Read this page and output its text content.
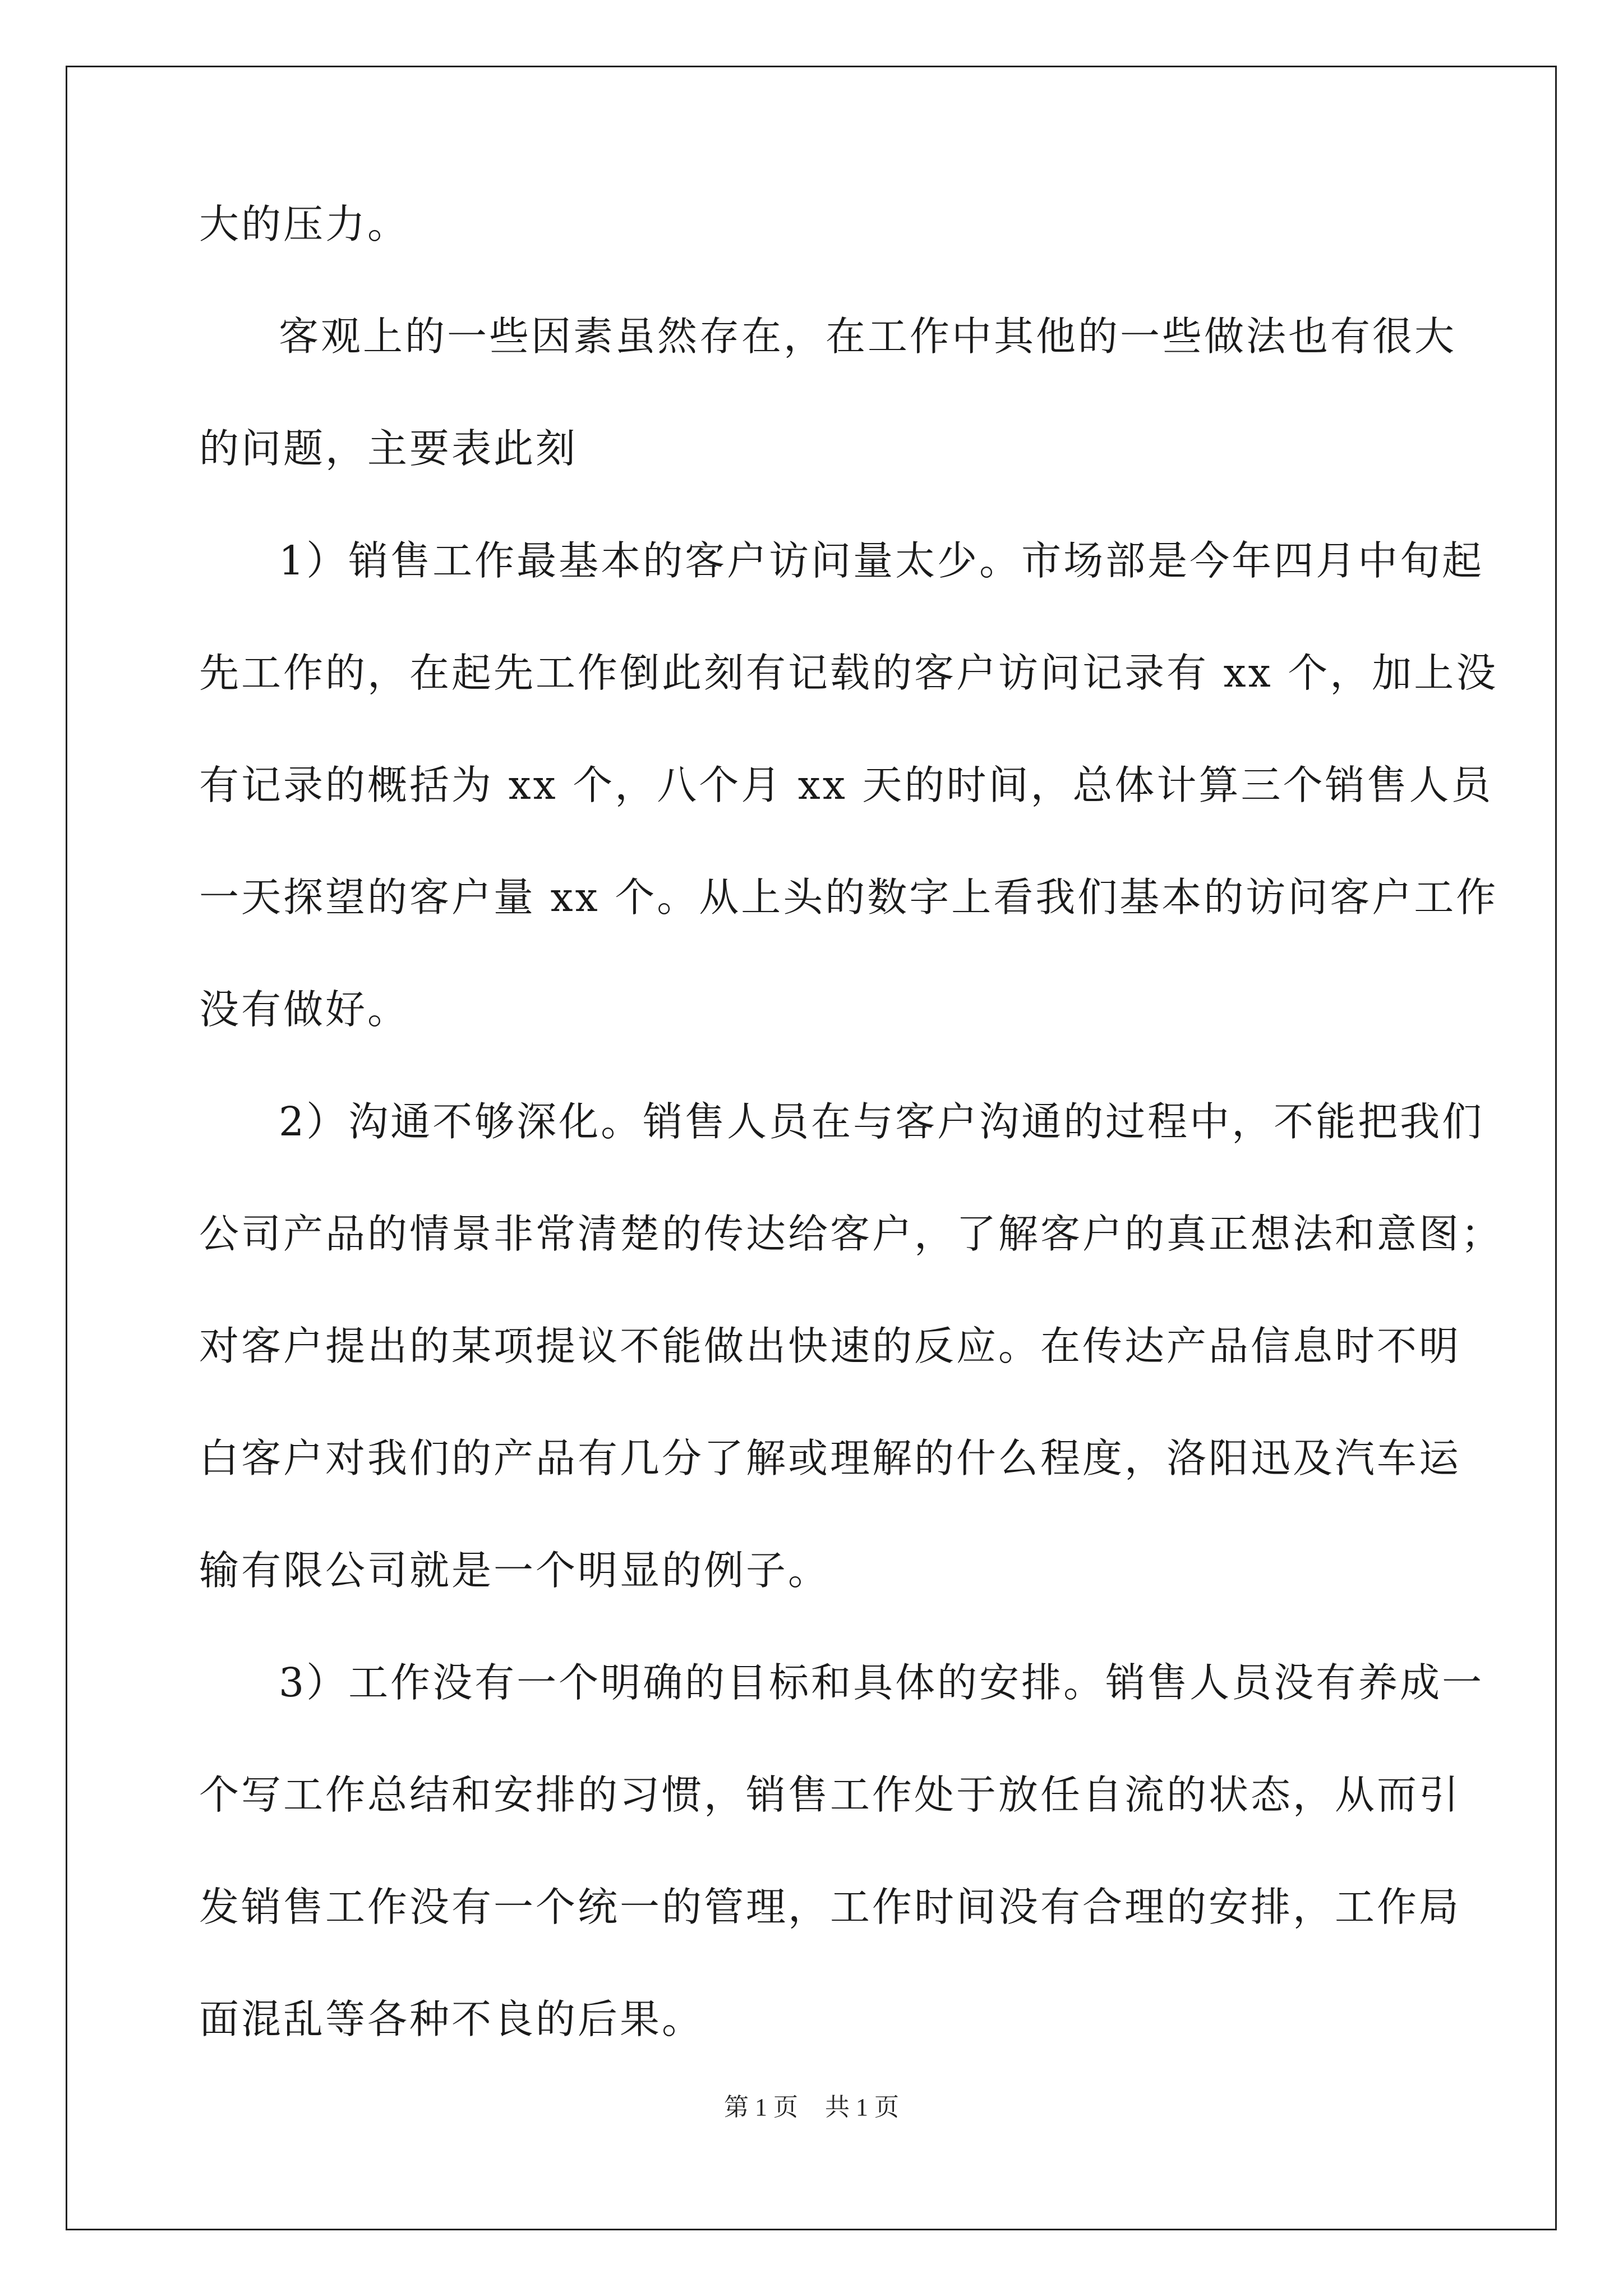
大的压力。
客观上的一些因素虽然存在，在工作中其他的一些做法也有很大
的问题，主要表此刻
1）销售工作最基本的客户访问量太少。市场部是今年四月中旬起
先工作的，在起先工作倒此刻有记载的客户访问记录有 xx 个，加上没
有记录的概括为 xx 个，八个月 xx 天的时间，总体计算三个销售人员
一天探望的客户量 xx 个。从上头的数字上看我们基本的访问客户工作
没有做好。
2）沟通不够深化。销售人员在与客户沟通的过程中，不能把我们
公司产品的情景非常清楚的传达给客户，了解客户的真正想法和意图；
对客户提出的某项提议不能做出快速的反应。在传达产品信息时不明
白客户对我们的产品有几分了解或理解的什么程度，洛阳迅及汽车运
输有限公司就是一个明显的例子。
3）工作没有一个明确的目标和具体的安排。销售人员没有养成一
个写工作总结和安排的习惯，销售工作处于放任自流的状态，从而引
发销售工作没有一个统一的管理，工作时间没有合理的安排，工作局
面混乱等各种不良的后果。
第 1 页 共 1 页
